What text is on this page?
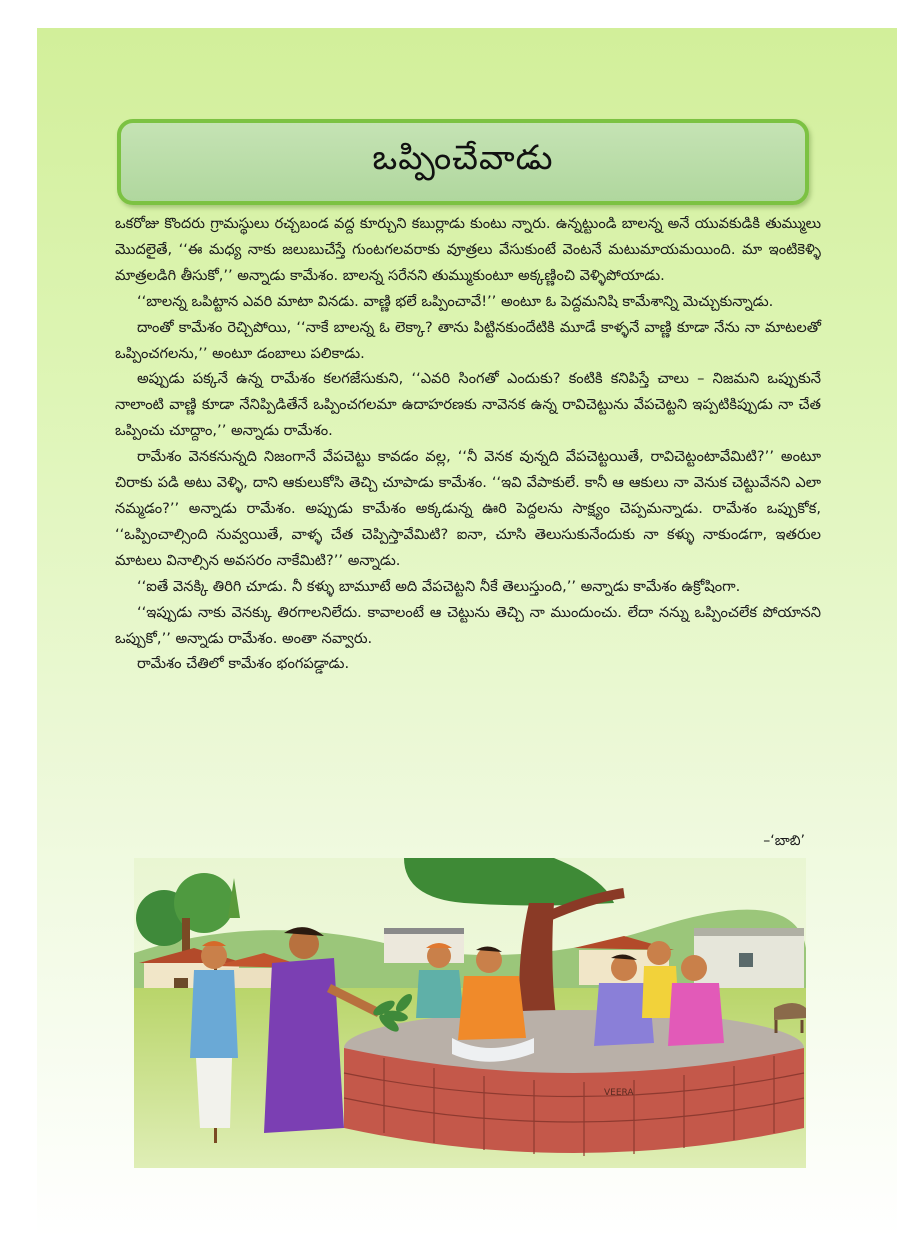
ఒప్పించేవాడు

ఒకరోజు కొందరు గ్రామస్థులు రచ్చబండ వద్ద కూర్చుని కబుర్లాడు కుంటు న్నారు. ఉన్నట్టుండి బాలన్న అనే యువకుడికి తుమ్ములు మొదలైతే, ‘‘ఈ మధ్య నాకు జలుబుచేస్తే గుంటగలవరాకు వూత్రలు వేసుకుంటే వెంటనే మటుమాయమయింది. మా ఇంటికెళ్ళి మాత్రలడిగి తీసుకో,’’ అన్నాడు కామేశం. బాలన్న సరేనని తుమ్ముకుంటూ అక్కణ్ణించి వెళ్ళిపోయాడు.

‘‘బాలన్న ఒపిట్టాన ఎవరి మాటా వినడు. వాణ్ణి భలే ఒప్పించావే!’’ అంటూ ఓ పెద్దమనిషి కామేశాన్ని మెచ్చుకున్నాడు.

దాంతో కామేశం రెచ్చిపోయి, ‘‘నాకే బాలన్న ఓ లెక్కా? తాను పిట్టినకుందేటికి మూడే కాళ్ళనే వాణ్ణి కూడా నేను నా మాటలతో ఒప్పించగలను,’’ అంటూ డంబాలు పలికాడు.

అప్పుడు పక్కనే ఉన్న రామేశం కలగజేసుకుని, ‘‘ఎవరి సింగతో ఎందుకు? కంటికి కనిపిస్తే చాలు – నిజమని ఒప్పుకునే నాలాంటి వాణ్ణి కూడా నేనిప్పిడితేనే ఒప్పించగలమా ఉదాహరణకు నావెనక ఉన్న రావిచెట్టును వేపచెట్టని ఇప్పటికిప్పుడు నా చేత ఒప్పించు చూద్దాం,’’ అన్నాడు రామేశం.

రామేశం వెనకనున్నది నిజంగానే వేపచెట్టు కావడం వల్ల, ‘‘నీ వెనక వున్నది వేపచెట్టయితే, రావిచెట్టంటావేమిటి?’’ అంటూ చిరాకు పడి అటు వెళ్ళి, దాని ఆకులుకోసి తెచ్చి చూపాడు కామేశం. ‘‘ఇవి వేపాకులే. కానీ ఆ ఆకులు నా వెనుక చెట్టువేనని ఎలా నమ్మడం?’’ అన్నాడు రామేశం. అప్పుడు కామేశం అక్కడున్న ఊరి పెద్దలను సాక్ష్యం చెప్పమన్నాడు. రామేశం ఒప్పుకోక, ‘‘ఒప్పించాల్సింది నువ్వయితే, వాళ్ళ చేత చెప్పిస్తావేమిటి? ఐనా, చూసి తెలుసుకునేందుకు నా కళ్ళు నాకుండగా, ఇతరుల మాటలు వినాల్సిన అవసరం నాకేమిటి?’’ అన్నాడు.

‘‘ఐతే వెనక్కి తిరిగి చూడు. నీ కళ్ళు బామూటే అది వేపచెట్టని నీకే తెలుస్తుంది,’’ అన్నాడు కామేశం ఉక్రోషింగా.

‘‘ఇప్పుడు నాకు వెనక్కు తిరగాలనిలేదు. కావాలంటే ఆ చెట్టును తెచ్చి నా ముందుంచు. లేదా నన్ను ఒప్పించలేక పోయానని ఒప్పుకో,’’ అన్నాడు రామేశం. అంతా నవ్వారు.

రామేశం చేతిలో కామేశం భంగపడ్డాడు.

–‘బాబి’
VEERA
